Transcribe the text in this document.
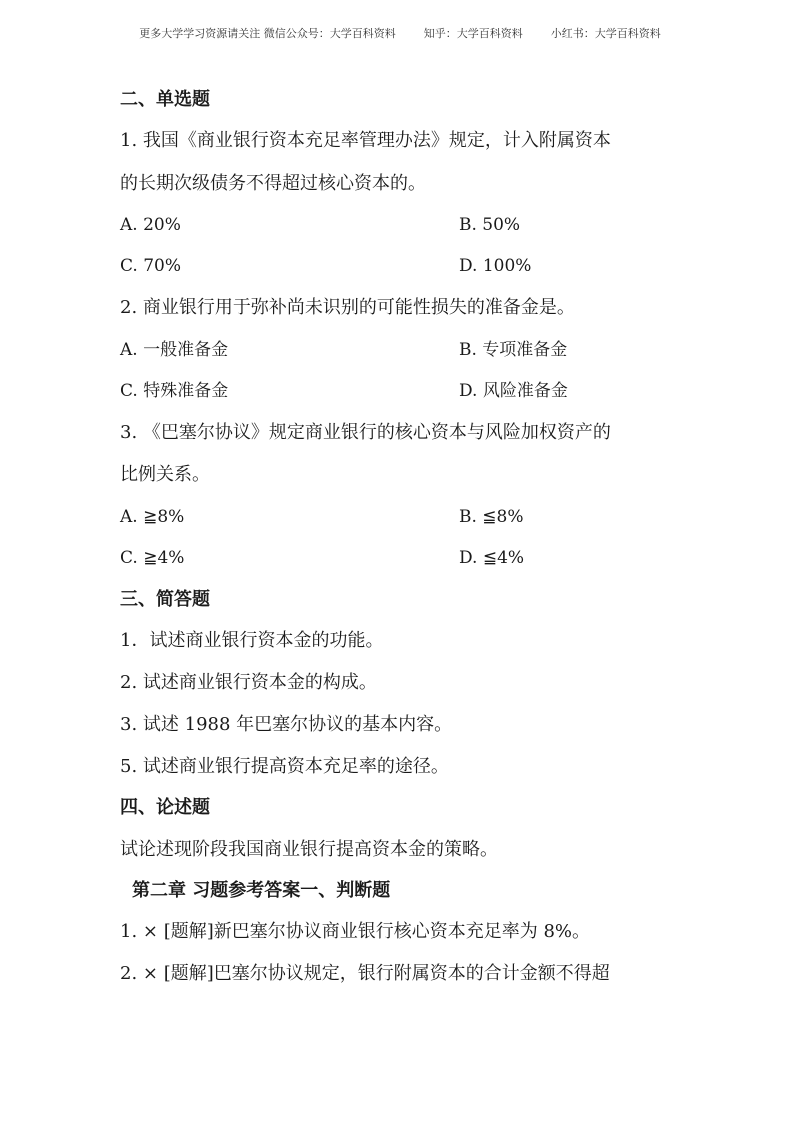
更多大学学习资源请关注 微信公众号：大学百科资料	知乎：大学百科资料	小红书：大学百科资料

二、单选题
1. 我国《商业银行资本充足率管理办法》规定，计入附属资本
的长期次级债务不得超过核心资本的。
A. 20%	B. 50%
C. 70%	D. 100%
2. 商业银行用于弥补尚未识别的可能性损失的准备金是。
A. 一般准备金	B. 专项准备金
C. 特殊准备金	D. 风险准备金
3. 《巴塞尔协议》规定商业银行的核心资本与风险加权资产的
比例关系。
A. ≧8%	B. ≦8%
C. ≧4%	D. ≦4%
三、简答题
1．试述商业银行资本金的功能。
2. 试述商业银行资本金的构成。
3. 试述 1988 年巴塞尔协议的基本内容。
5. 试述商业银行提高资本充足率的途径。
四、论述题
试论述现阶段我国商业银行提高资本金的策略。
第二章 习题参考答案一、判断题
1. × [题解]新巴塞尔协议商业银行核心资本充足率为 8%。
2. × [题解]巴塞尔协议规定，银行附属资本的合计金额不得超
